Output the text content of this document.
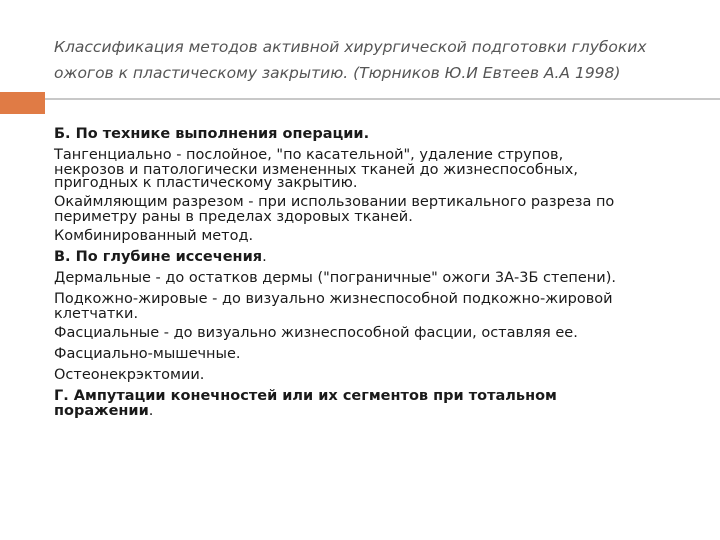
Классификация методов активной хирургической подготовки глубоких
ожогов к пластическому закрытию. (Тюрников Ю.И Евтеев А.А 1998)
Б. По технике выполнения операции.
Тангенциально - послойное, "по касательной", удаление струпов,
некрозов и патологически измененных тканей до жизнеспособных,
пригодных к пластическому закрытию.
Окаймляющим разрезом - при использовании вертикального разреза по
периметру раны в пределах здоровых тканей.
Комбинированный метод.
В. По глубине иссечения.
Дермальные - до остатков дермы ("пограничные" ожоги 3А-3Б степени).
Подкожно-жировые - до визуально жизнеспособной подкожно-жировой
клетчатки.
Фасциальные - до визуально жизнеспособной фасции, оставляя ее.
Фасциально-мышечные.
Остеонекрэктомии.
Г. Ампутации конечностей или их сегментов при тотальном
поражении.
